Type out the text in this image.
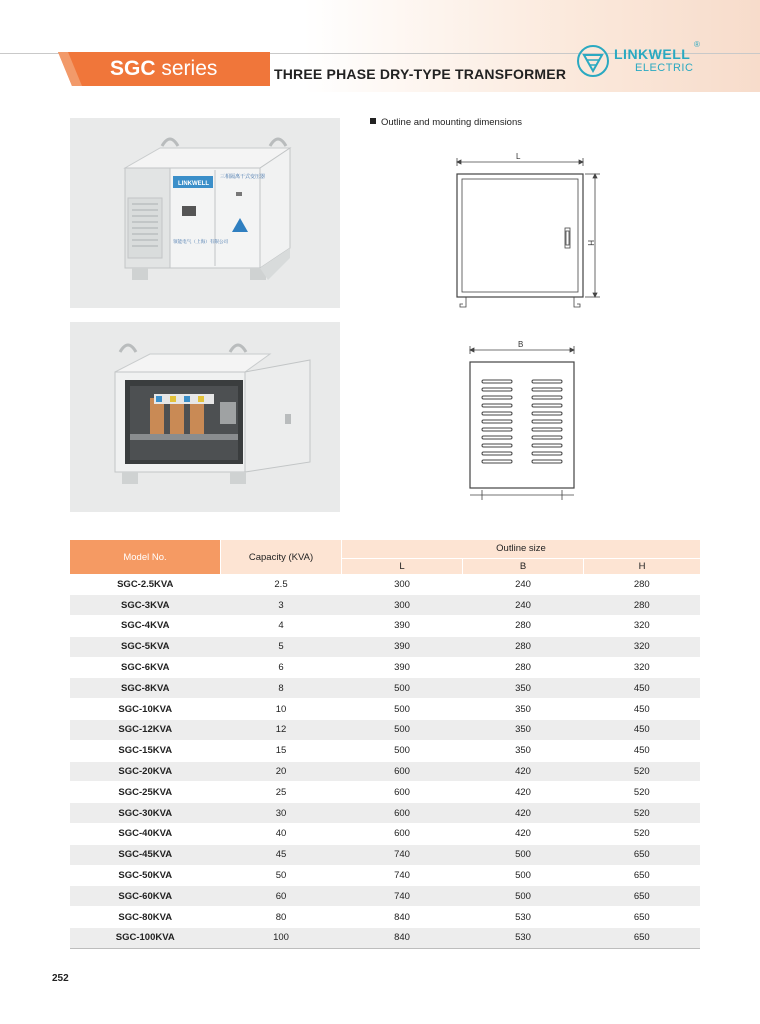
SGC series	THREE PHASE DRY-TYPE TRANSFORMER
LINKWELL
ELECTRIC
®
LINKWELL
三相隔离干式变压器
领能电气（上海）有限公司
Outline and mounting dimensions
L
H
B
Model No.	Capacity (KVA)	Outline size		
		L	B	H
SGC-2.5KVA	2.5	300	240	280
SGC-3KVA	3	300	240	280
SGC-4KVA	4	390	280	320
SGC-5KVA	5	390	280	320
SGC-6KVA	6	390	280	320
SGC-8KVA	8	500	350	450
SGC-10KVA	10	500	350	450
SGC-12KVA	12	500	350	450
SGC-15KVA	15	500	350	450
SGC-20KVA	20	600	420	520
SGC-25KVA	25	600	420	520
SGC-30KVA	30	600	420	520
SGC-40KVA	40	600	420	520
SGC-45KVA	45	740	500	650
SGC-50KVA	50	740	500	650
SGC-60KVA	60	740	500	650
SGC-80KVA	80	840	530	650
SGC-100KVA	100	840	530	650
252
